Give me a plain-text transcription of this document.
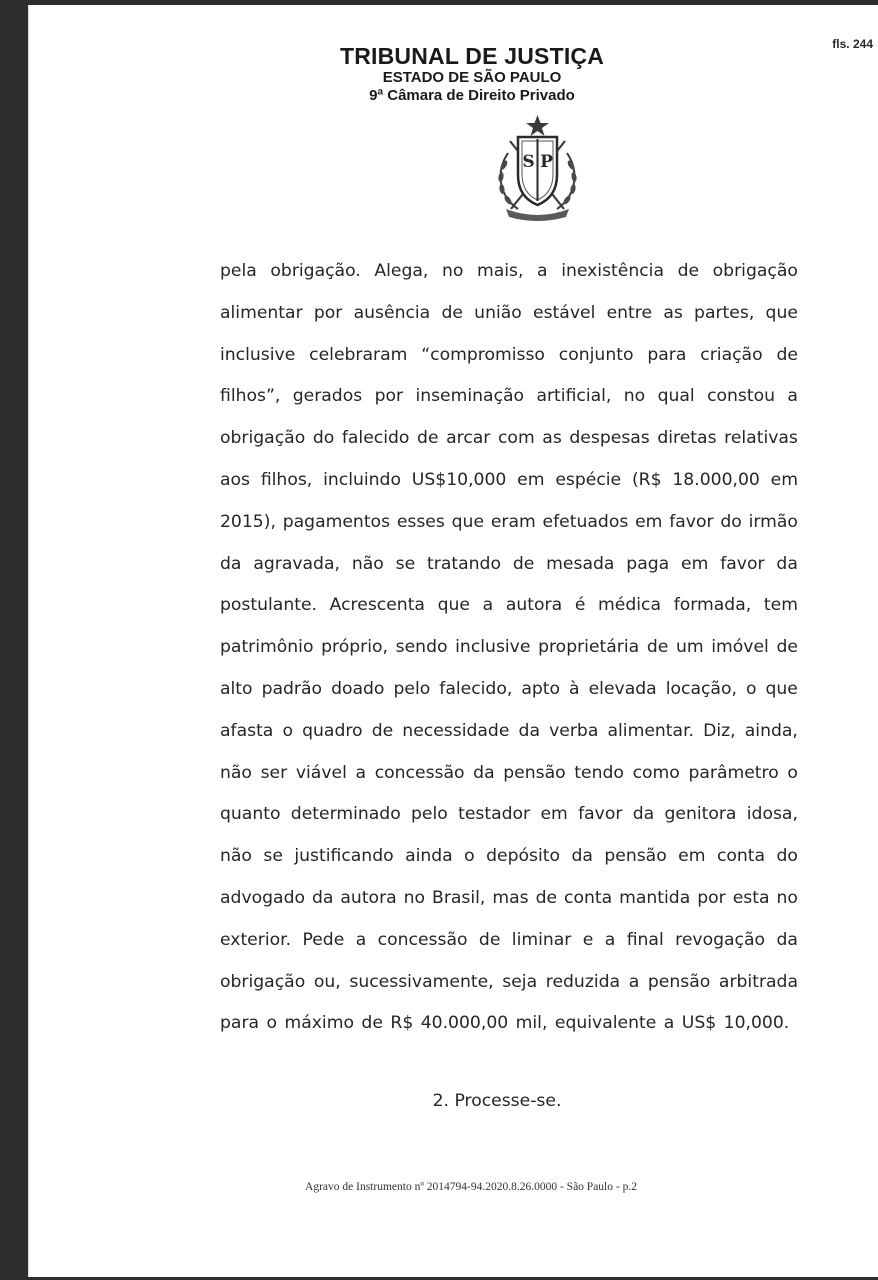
fls. 244
TRIBUNAL DE JUSTIÇA
ESTADO DE SÃO PAULO
9ª Câmara de Direito Privado
S P
pela obrigação. Alega, no mais, a inexistência de obrigação
alimentar por ausência de união estável entre as partes, que
inclusive celebraram “compromisso conjunto para criação de
filhos”, gerados por inseminação artificial, no qual constou a
obrigação do falecido de arcar com as despesas diretas relativas
aos filhos, incluindo US$10,000 em espécie (R$ 18.000,00 em
2015), pagamentos esses que eram efetuados em favor do irmão
da agravada, não se tratando de mesada paga em favor da
postulante. Acrescenta que a autora é médica formada, tem
patrimônio próprio, sendo inclusive proprietária de um imóvel de
alto padrão doado pelo falecido, apto à elevada locação, o que
afasta o quadro de necessidade da verba alimentar. Diz, ainda,
não ser viável a concessão da pensão tendo como parâmetro o
quanto determinado pelo testador em favor da genitora idosa,
não se justificando ainda o depósito da pensão em conta do
advogado da autora no Brasil, mas de conta mantida por esta no
exterior. Pede a concessão de liminar e a final revogação da
obrigação ou, sucessivamente, seja reduzida a pensão arbitrada
para o máximo de R$ 40.000,00 mil, equivalente a US$ 10,000.
2. Processe-se.
Agravo de Instrumento nº 2014794-94.2020.8.26.0000 - São Paulo - p.2
